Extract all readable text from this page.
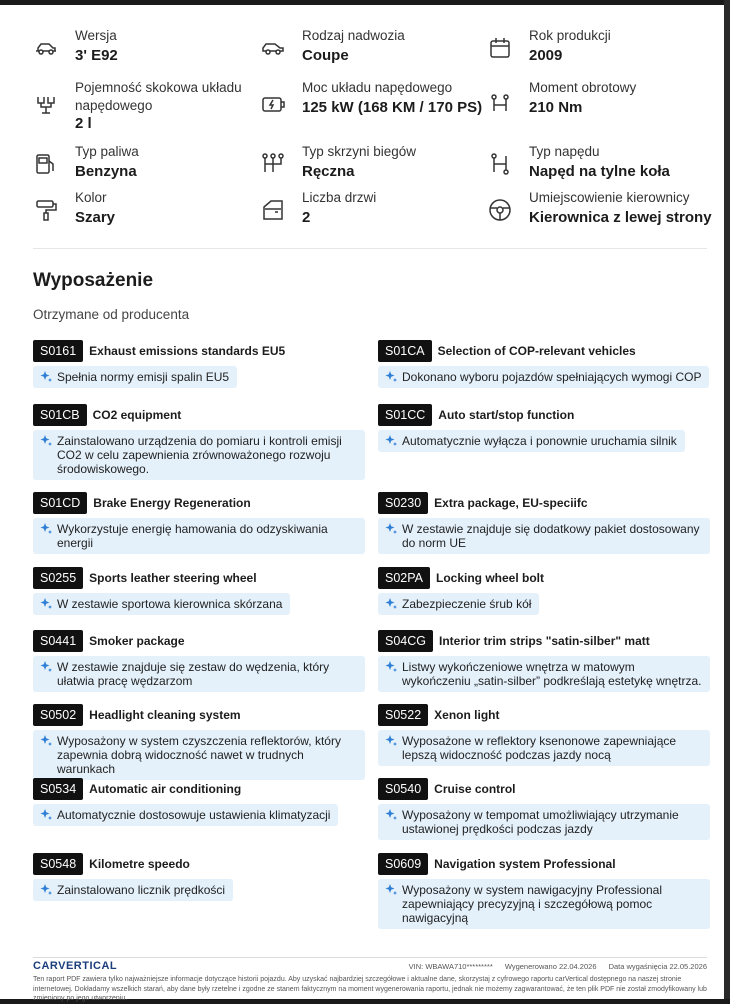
Wersja
3' E92
Rodzaj nadwozia
Coupe
Rok produkcji
2009
Pojemność skokowa układu napędowego
2 l
Moc układu napędowego
125 kW (168 KM / 170 PS)
Moment obrotowy
210 Nm
Typ paliwa
Benzyna
Typ skrzyni biegów
Ręczna
Typ napędu
Napęd na tylne koła
Kolor
Szary
Liczba drzwi
2
Umiejscowienie kierownicy
Kierownica z lewej strony
Wyposażenie
Otrzymane od producenta
S0161	Exhaust emissions standards EU5
Spełnia normy emisji spalin EU5
S01CA	Selection of COP-relevant vehicles
Dokonano wyboru pojazdów spełniających wymogi COP
S01CB	CO2 equipment
Zainstalowano urządzenia do pomiaru i kontroli emisji CO2 w celu zapewnienia zrównoważonego rozwoju środowiskowego.
S01CC	Auto start/stop function
Automatycznie wyłącza i ponownie uruchamia silnik
S01CD	Brake Energy Regeneration
Wykorzystuje energię hamowania do odzyskiwania energii
S0230	Extra package, EU-speciifc
W zestawie znajduje się dodatkowy pakiet dostosowany do norm UE
S0255	Sports leather steering wheel
W zestawie sportowa kierownica skórzana
S02PA	Locking wheel bolt
Zabezpieczenie śrub kół
S0441	Smoker package
W zestawie znajduje się zestaw do wędzenia, który ułatwia pracę wędzarzom
S04CG	Interior trim strips "satin-silber" matt
Listwy wykończeniowe wnętrza w matowym wykończeniu „satin-silber” podkreślają estetykę wnętrza.
S0502	Headlight cleaning system
Wyposażony w system czyszczenia reflektorów, który zapewnia dobrą widoczność nawet w trudnych warunkach
S0522	Xenon light
Wyposażone w reflektory ksenonowe zapewniające lepszą widoczność podczas jazdy nocą
S0534	Automatic air conditioning
Automatycznie dostosowuje ustawienia klimatyzacji
S0540	Cruise control
Wyposażony w tempomat umożliwiający utrzymanie ustawionej prędkości podczas jazdy
S0548	Kilometre speedo
Zainstalowano licznik prędkości
S0609	Navigation system Professional
Wyposażony w system nawigacyjny Professional zapewniający precyzyjną i szczegółową pomoc nawigacyjną
CARVERTICAL	VIN: WBAWA710********* Wygenerowano 22.04.2026 Data wygaśnięcia 22.05.2026
Ten raport PDF zawiera tylko najważniejsze informacje dotyczące historii pojazdu. Aby uzyskać najbardziej szczegółowe i aktualne dane, skorzystaj z cyfrowego raportu carVertical dostępnego na naszej stronie internetowej. Dokładamy wszelkich starań, aby dane były rzetelne i zgodne ze stanem faktycznym na moment wygenerowania raportu, jednak nie możemy zagwarantować, że ten plik PDF nie został zmodyfikowany lub zmieniony po jego utworzeniu.
